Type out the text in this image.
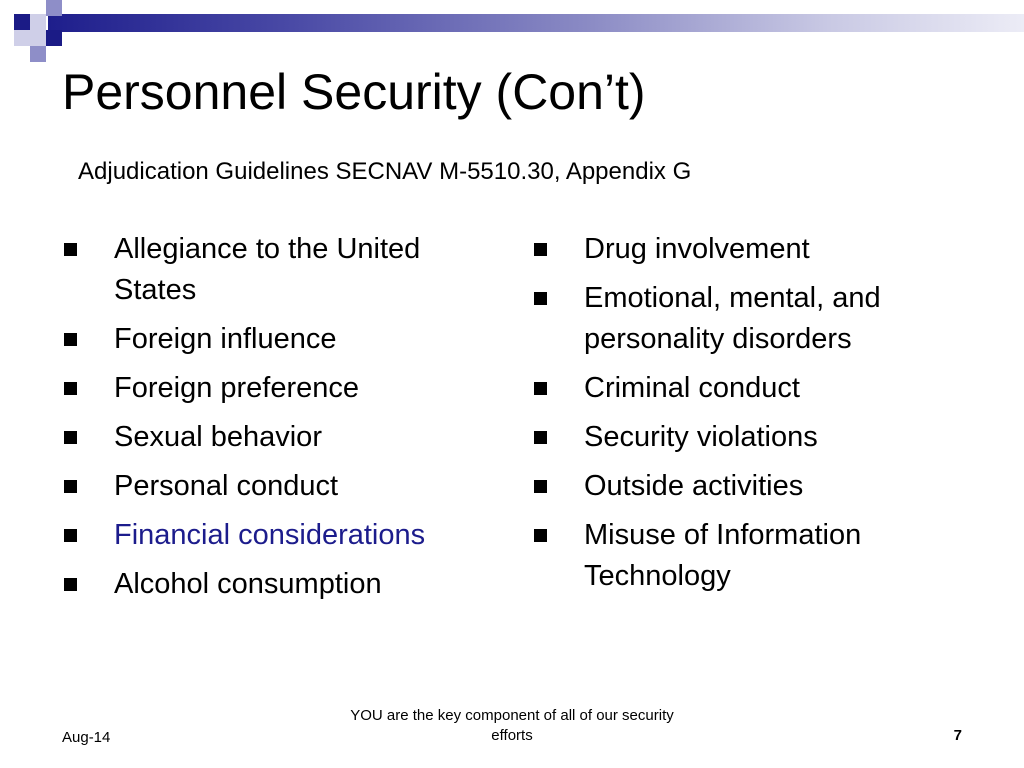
Personnel Security (Con’t)
Adjudication Guidelines SECNAV M-5510.30, Appendix G
Allegiance to the United States
Foreign influence
Foreign preference
Sexual behavior
Personal conduct
Financial considerations
Alcohol consumption
Drug involvement
Emotional, mental, and personality disorders
Criminal conduct
Security violations
Outside activities
Misuse of Information Technology
Aug-14
YOU are the key component of all of our security efforts	7
